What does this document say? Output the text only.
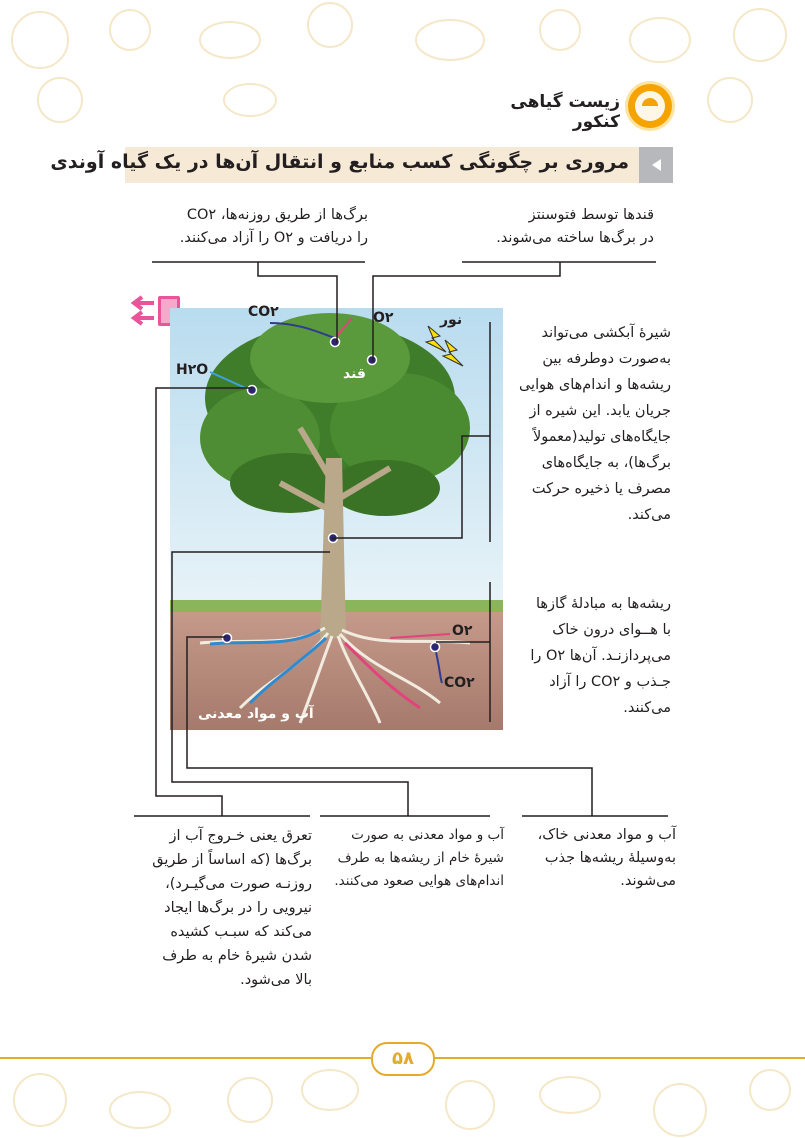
زیست گیاهی کنکور
مروری بر چگونگی کسب منابع و انتقال آن‌ها در یک گیاه آوندی
CO۲	O۲	نور
قند
H۲O
O۲
CO۲
آب و مواد معدنی
قندها توسط فتوسنتز
در برگ‌ها ساخته می‌شوند.
برگ‌ها از طریق روزنه‌ها، CO۲
را دریافت و O۲ را آزاد می‌کنند.
شیرهٔ آبکشی می‌تواند
به‌صورت دوطرفه بین
ریشه‌ها و اندام‌های هوایی
جریان یابد. این شیره از
جایگاه‌های تولید(معمولاً
برگ‌ها)، به جایگاه‌های
مصرف یا ذخیره حرکت
می‌کند.
ریشه‌ها به مبادلهٔ گازها
با هــوای درون خاک
می‌پردازنـد. آن‌ها O۲ را
جـذب و CO۲ را آزاد
می‌کنند.
آب و مواد معدنی خاک،
به‌وسیلهٔ ریشه‌ها جذب
می‌شوند.
آب و مواد معدنی به صورت
شیرهٔ خام از ریشه‌ها به طرف
اندام‌های هوایی صعود می‌کنند.
تعرق یعنی خـروج آب از
برگ‌ها (که اساساً از طریق
روزنـه صورت می‌گیـرد)،
نیرویی را در برگ‌ها ایجاد
می‌کند که سبـب کشیده
شدن شیرهٔ خام به طرف
بالا می‌شود.
۵۸
